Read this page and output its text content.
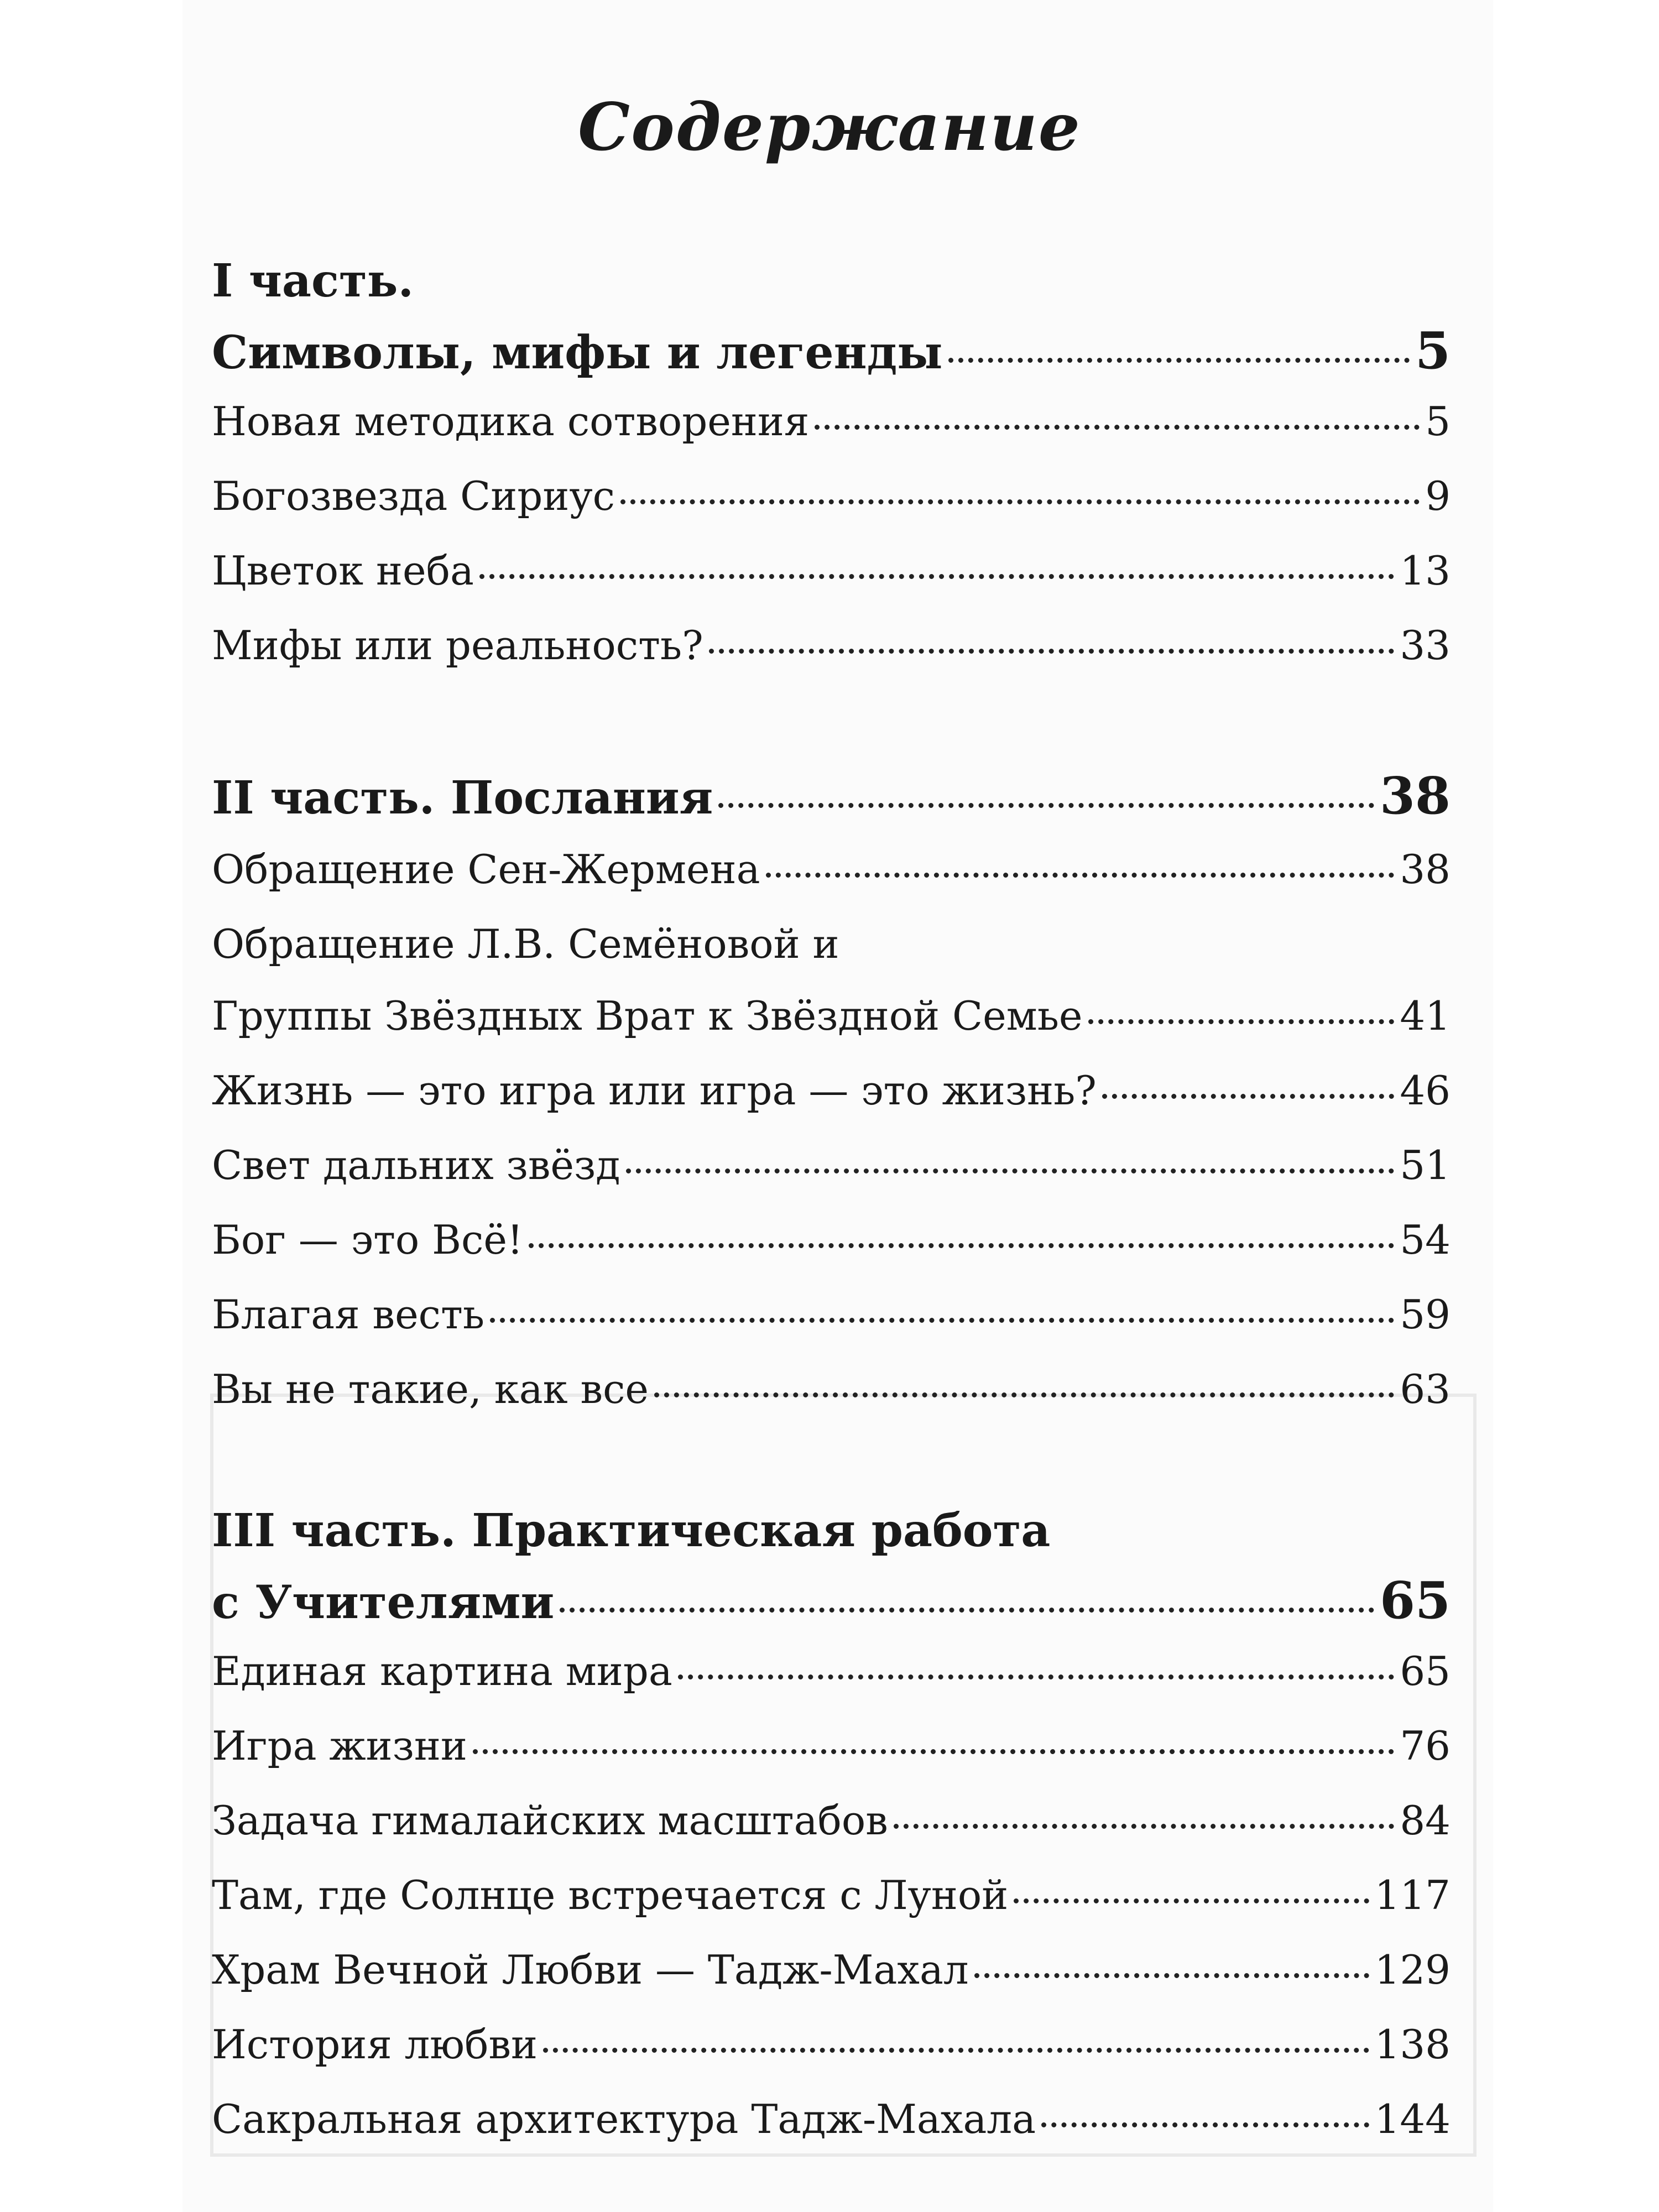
Содержание
I часть.
Символы, мифы и легенды	5
Новая методика сотворения	5
Богозвезда Сириус	9
Цветок неба	13
Мифы или реальность?	33
II часть. Послания	38
Обращение Сен-Жермена	38
Обращение Л.В. Семёновой и
Группы Звёздных Врат к Звёздной Семье	41
Жизнь — это игра или игра — это жизнь?	46
Свет дальних звёзд	51
Бог — это Всё!	54
Благая весть	59
Вы не такие, как все	63
III часть. Практическая работа
с Учителями	65
Единая картина мира	65
Игра жизни	76
Задача гималайских масштабов	84
Там, где Солнце встречается с Луной	117
Храм Вечной Любви — Тадж-Махал	129
История любви	138
Сакральная архитектура Тадж-Махала	144
